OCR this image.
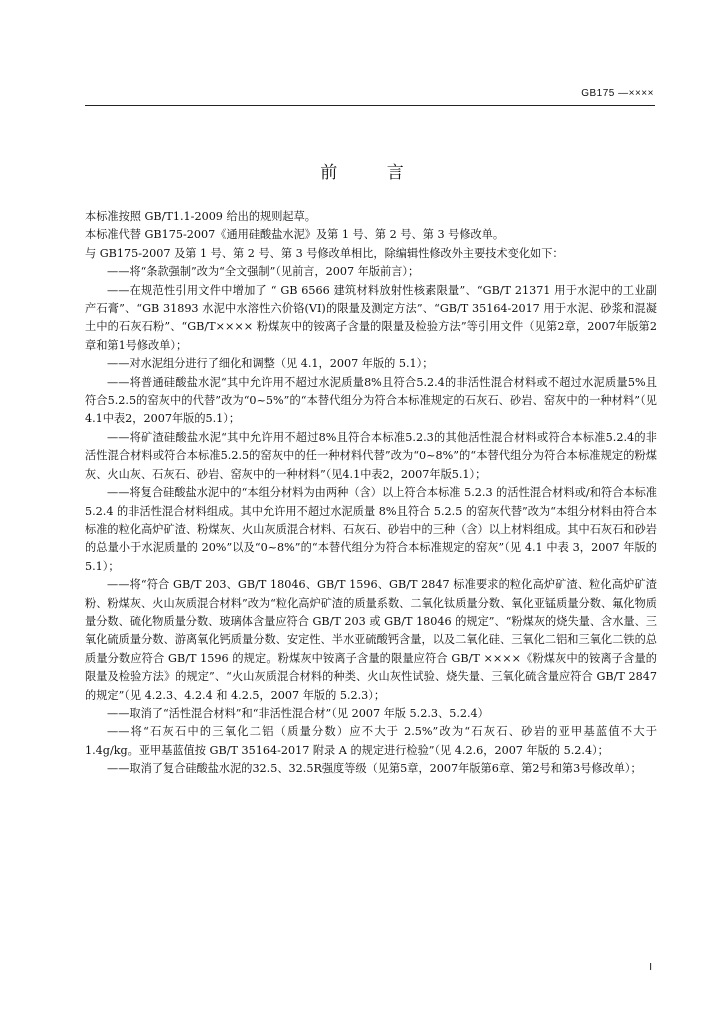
GB175 —××××
前 言

本标准按照 GB/T1.1-2009 给出的规则起草。

本标准代替 GB175-2007《通用硅酸盐水泥》及第 1 号、第 2 号、第 3 号修改单。

与 GB175-2007 及第 1 号、第 2 号、第 3 号修改单相比，除编辑性修改外主要技术变化如下：

——将“条款强制”改为“全文强制”（见前言，2007 年版前言）；

——在规范性引用文件中增加了 “ GB 6566 建筑材料放射性核素限量”、“GB/T 21371 用于水泥中的工业副产石膏”、“GB 31893 水泥中水溶性六价铬(VI)的限量及测定方法”、“GB/T 35164-2017 用于水泥、砂浆和混凝土中的石灰石粉”、“GB/T×××× 粉煤灰中的铵离子含量的限量及检验方法”等引用文件（见第2章，2007年版第2章和第1号修改单）；

——对水泥组分进行了细化和调整（见 4.1，2007 年版的 5.1）；

——将普通硅酸盐水泥“其中允许用不超过水泥质量8%且符合5.2.4的非活性混合材料或不超过水泥质量5%且符合5.2.5的窑灰中的代替”改为“0~5%”的“本替代组分为符合本标准规定的石灰石、砂岩、窑灰中的一种材料”（见4.1中表2，2007年版的5.1）；

——将矿渣硅酸盐水泥“其中允许用不超过8%且符合本标准5.2.3的其他活性混合材料或符合本标准5.2.4的非活性混合材料或符合本标准5.2.5的窑灰中的任一种材料代替”改为“0~8%”的“本替代组分为符合本标准规定的粉煤灰、火山灰、石灰石、砂岩、窑灰中的一种材料”（见4.1中表2，2007年版5.1）；

——将复合硅酸盐水泥中的“本组分材料为由两种（含）以上符合本标准 5.2.3 的活性混合材料或/和符合本标准 5.2.4 的非活性混合材料组成。其中允许用不超过水泥质量 8%且符合 5.2.5 的窑灰代替”改为“本组分材料由符合本标准的粒化高炉矿渣、粉煤灰、火山灰质混合材料、石灰石、砂岩中的三种（含）以上材料组成。其中石灰石和砂岩的总量小于水泥质量的 20%”以及“0~8%”的“本替代组分为符合本标准规定的窑灰”（见 4.1 中表 3，2007 年版的 5.1）；

——将“符合 GB/T 203、GB/T 18046、GB/T 1596、GB/T 2847 标准要求的粒化高炉矿渣、粒化高炉矿渣粉、粉煤灰、火山灰质混合材料”改为“粒化高炉矿渣的质量系数、二氧化钛质量分数、氧化亚锰质量分数、氟化物质量分数、硫化物质量分数、玻璃体含量应符合 GB/T 203 或 GB/T 18046 的规定”、“粉煤灰的烧失量、含水量、三氧化硫质量分数、游离氧化钙质量分数、安定性、半水亚硫酸钙含量，以及二氧化硅、三氧化二铝和三氧化二铁的总质量分数应符合 GB/T 1596 的规定。粉煤灰中铵离子含量的限量应符合 GB/T ××××《粉煤灰中的铵离子含量的限量及检验方法》的规定”、“火山灰质混合材料的种类、火山灰性试验、烧失量、三氧化硫含量应符合 GB/T 2847 的规定”（见 4.2.3、4.2.4 和 4.2.5，2007 年版的 5.2.3）；

——取消了“活性混合材料”和“非活性混合材”（见 2007 年版 5.2.3、5.2.4）

——将“石灰石中的三氧化二铝（质量分数）应不大于 2.5%”改为“石灰石、砂岩的亚甲基蓝值不大于 1.4g/kg。亚甲基蓝值按 GB/T 35164-2017 附录 A 的规定进行检验”（见 4.2.6，2007 年版的 5.2.4）；

——取消了复合硅酸盐水泥的32.5、32.5R强度等级（见第5章，2007年版第6章、第2号和第3号修改单）；

I
